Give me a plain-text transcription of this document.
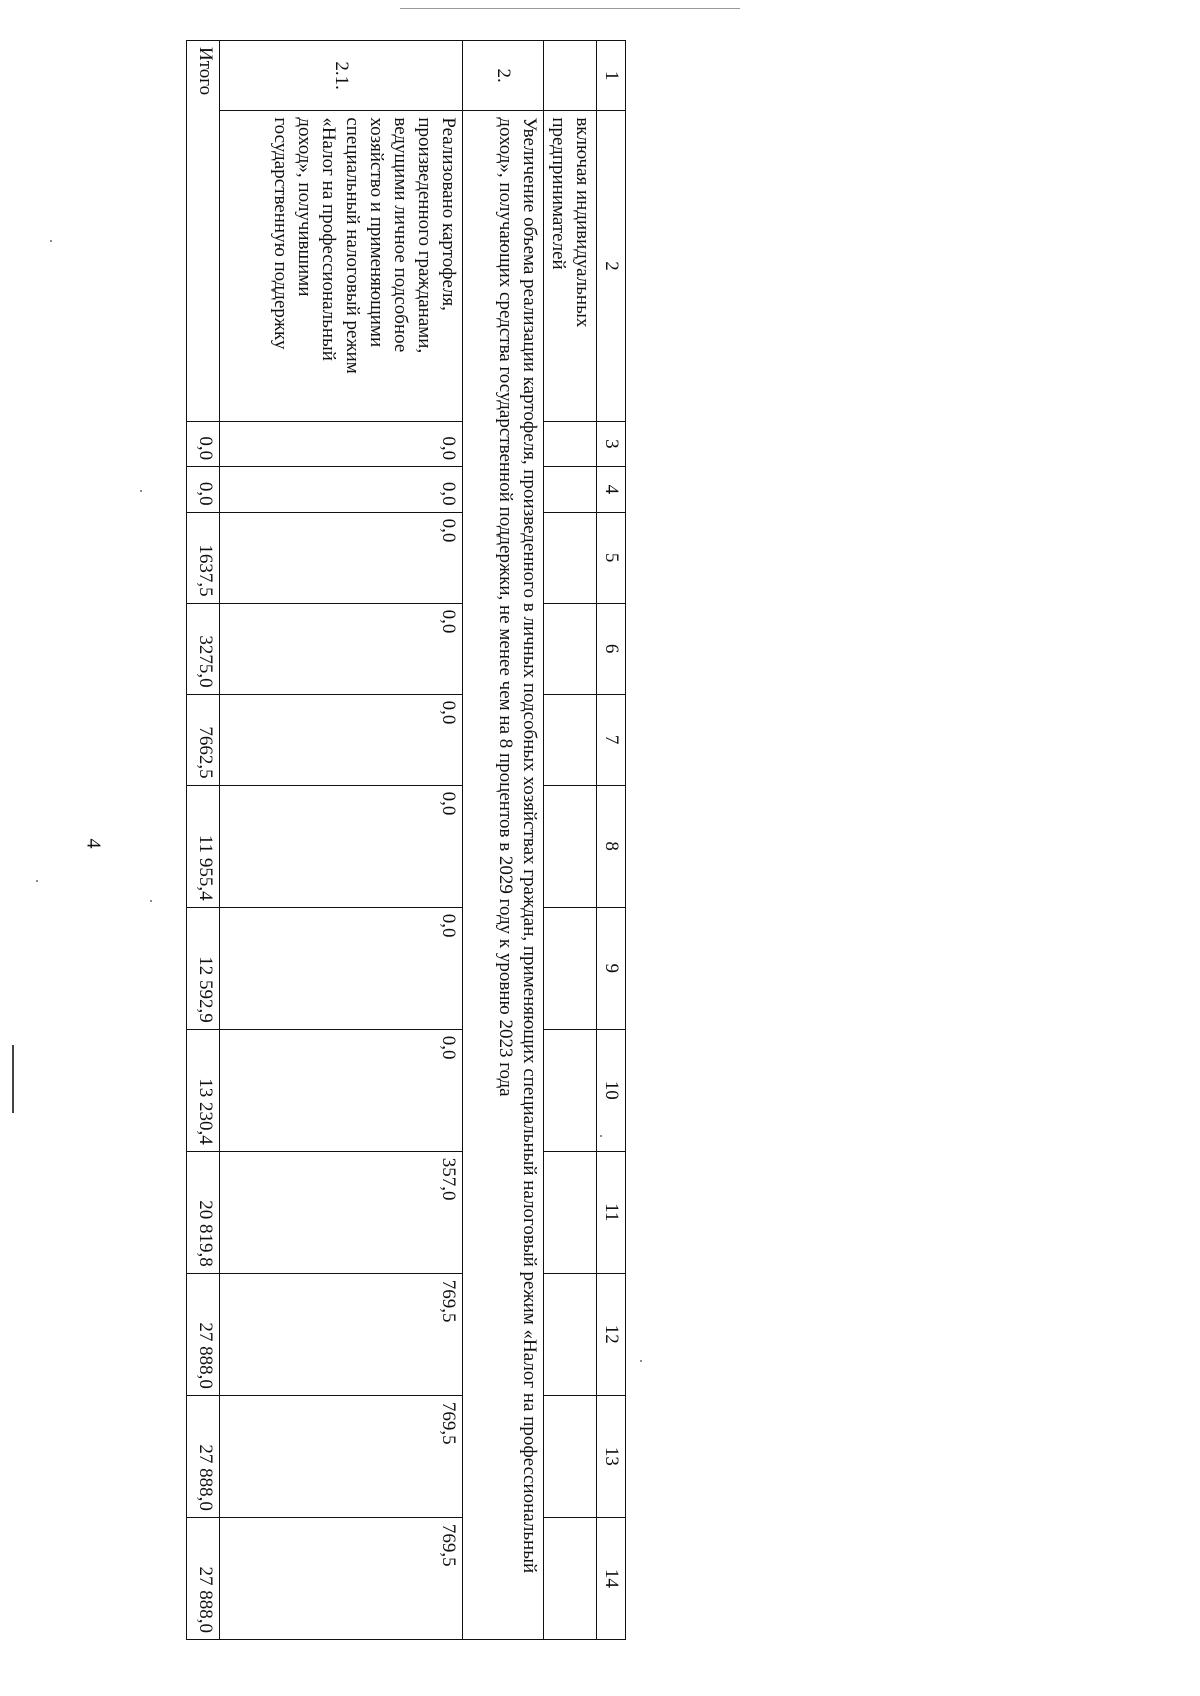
4
1	2	3	4	5	6	7	8	9	10	11	12	13	14
	включая индивидуальных предпринимателей												
2.	Увеличение объема реализации картофеля, произведенного в личных подсобных хозяйствах граждан, применяющих специальный налоговый режим «Налог на профессиональный доход», получающих средства государственной поддержки, не менее чем на 8 процентов в 2029 году к уровню 2023 года												
2.1.	Реализовано картофеля, произведенного гражданами, ведущими личное подсобное хозяйство и применяющими специальный налоговый режим «Налог на профессиональный доход», получившими государственную поддержку	0,0	0,0	0,0	0,0	0,0	0,0	0,0	0,0	357,0	769,5	769,5	769,5
Итого		0,0	0,0	1637,5	3275,0	7662,5	11 955,4	12 592,9	13 230,4	20 819,8	27 888,0	27 888,0	27 888,0
